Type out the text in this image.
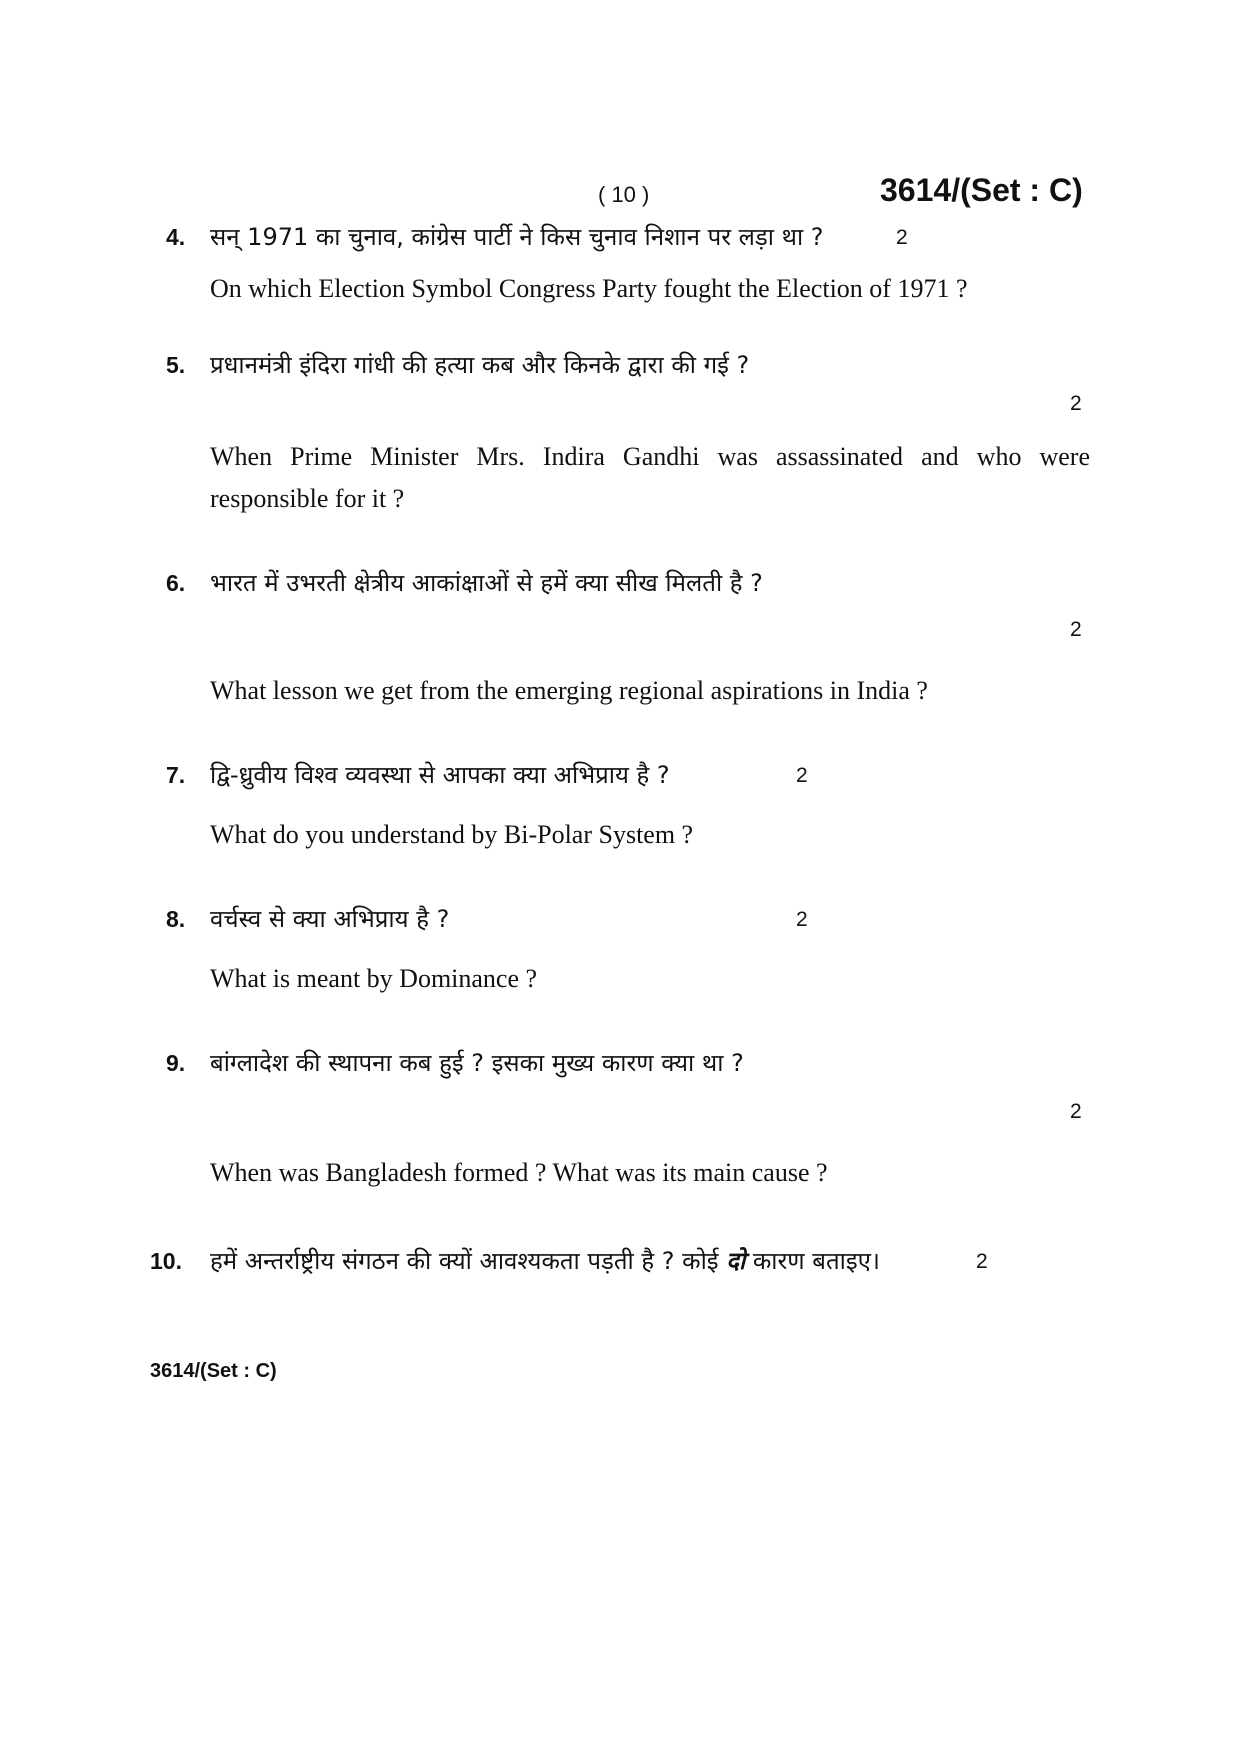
( 10 )	3614/(Set : C)
4. सन् 1971 का चुनाव, कांग्रेस पार्टी ने किस चुनाव निशान पर लड़ा था ?	2
On which Election Symbol Congress Party fought the Election of 1971 ?
5. प्रधानमंत्री इंदिरा गांधी की हत्या कब और किनके द्वारा की गई ?
2
When Prime Minister Mrs. Indira Gandhi was assassinated and who were responsible for it ?
6. भारत में उभरती क्षेत्रीय आकांक्षाओं से हमें क्या सीख मिलती है ?
2
What lesson we get from the emerging regional aspirations in India ?
7. द्वि-ध्रुवीय विश्व व्यवस्था से आपका क्या अभिप्राय है ?	2
What do you understand by Bi-Polar System ?
8. वर्चस्व से क्या अभिप्राय है ?	2
What is meant by Dominance ?
9. बांग्लादेश की स्थापना कब हुई ? इसका मुख्य कारण क्या था ?
2
When was Bangladesh formed ? What was its main cause ?
10. हमें अन्तर्राष्ट्रीय संगठन की क्यों आवश्यकता पड़ती है ? कोई दो कारण बताइए।	2
3614/(Set : C)
